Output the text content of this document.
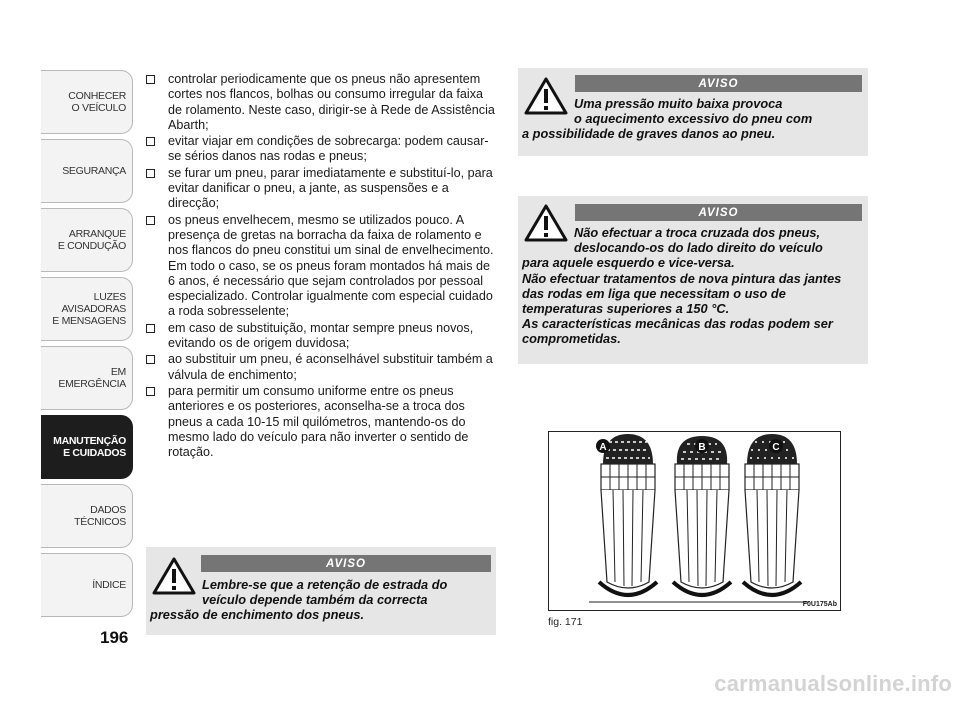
CONHECER
O VEÍCULO
SEGURANÇA
ARRANQUE
E CONDUÇÃO
LUZES
AVISADORAS
E MENSAGENS
EM EMERGÊNCIA
MANUTENÇÃO
E CUIDADOS
DADOS
TÉCNICOS
ÍNDICE
196
controlar periodicamente que os pneus não apresentem cortes nos flancos, bolhas ou consumo irregular da faixa de rolamento. Neste caso, dirigir-se à Rede de Assistência Abarth;
evitar viajar em condições de sobrecarga: podem causar-se sérios danos nas rodas e pneus;
se furar um pneu, parar imediatamente e substituí-lo, para evitar danificar o pneu, a jante, as suspensões e a direcção;
os pneus envelhecem, mesmo se utilizados pouco. A presença de gretas na borracha da faixa de rolamento e nos flancos do pneu constitui um sinal de envelhecimento. Em todo o caso, se os pneus foram montados há mais de 6 anos, é necessário que sejam controlados por pessoal especializado. Controlar igualmente com especial cuidado a roda sobresselente;
em caso de substituição, montar sempre pneus novos, evitando os de origem duvidosa;
ao substituir um pneu, é aconselhável substituir também a válvula de enchimento;
para permitir um consumo uniforme entre os pneus anteriores e os posteriores, aconselha-se a troca dos pneus a cada 10-15 mil quilómetros, mantendo-os do mesmo lado do veículo para não inverter o sentido de rotação.
AVISO
Lembre-se que a retenção de estrada do
veículo depende também da correcta
pressão de enchimento dos pneus.
AVISO
Uma pressão muito baixa provoca
o aquecimento excessivo do pneu com
a possibilidade de graves danos ao pneu.
AVISO
Não efectuar a troca cruzada dos pneus,
deslocando-os do lado direito do veículo
para aquele esquerdo e vice-versa.
Não efectuar tratamentos de nova pintura das jantes das rodas em liga que necessitam o uso de temperaturas superiores a 150 °C.
As características mecânicas das rodas podem ser comprometidas.
A	B	C
F0U175Ab
fig. 171
carmanualsonline.info
